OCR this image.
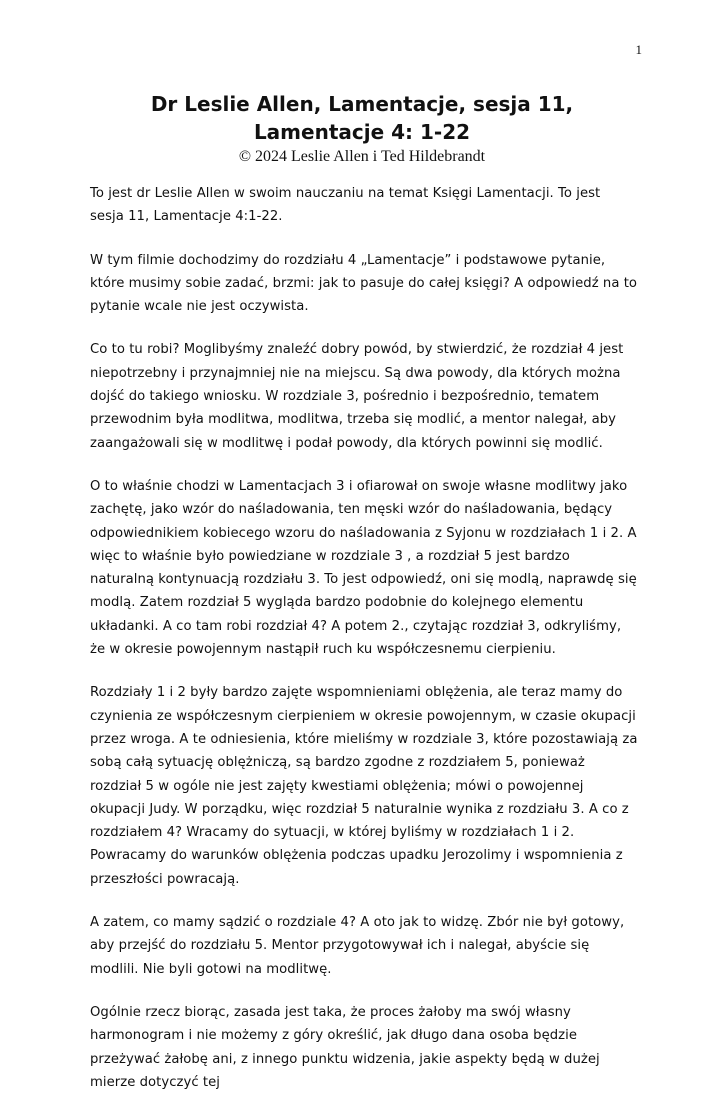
1
Dr Leslie Allen, Lamentacje, sesja 11,
Lamentacje 4: 1-22
© 2024 Leslie Allen i Ted Hildebrandt

To jest dr Leslie Allen w swoim nauczaniu na temat Księgi Lamentacji. To jest sesja 11, Lamentacje 4:1-22.

W tym filmie dochodzimy do rozdziału 4 „Lamentacje” i podstawowe pytanie, które musimy sobie zadać, brzmi: jak to pasuje do całej księgi? A odpowiedź na to pytanie wcale nie jest oczywista.

Co to tu robi? Moglibyśmy znaleźć dobry powód, by stwierdzić, że rozdział 4 jest niepotrzebny i przynajmniej nie na miejscu. Są dwa powody, dla których można dojść do takiego wniosku. W rozdziale 3, pośrednio i bezpośrednio, tematem przewodnim była modlitwa, modlitwa, trzeba się modlić, a mentor nalegał, aby zaangażowali się w modlitwę i podał powody, dla których powinni się modlić.

O to właśnie chodzi w Lamentacjach 3 i ofiarował on swoje własne modlitwy jako zachętę, jako wzór do naśladowania, ten męski wzór do naśladowania, będący odpowiednikiem kobiecego wzoru do naśladowania z Syjonu w rozdziałach 1 i 2. A więc to właśnie było powiedziane w rozdziale 3 , a rozdział 5 jest bardzo naturalną kontynuacją rozdziału 3. To jest odpowiedź, oni się modlą, naprawdę się modlą. Zatem rozdział 5 wygląda bardzo podobnie do kolejnego elementu układanki. A co tam robi rozdział 4? A potem 2., czytając rozdział 3, odkryliśmy, że w okresie powojennym nastąpił ruch ku współczesnemu cierpieniu.

Rozdziały 1 i 2 były bardzo zajęte wspomnieniami oblężenia, ale teraz mamy do czynienia ze współczesnym cierpieniem w okresie powojennym, w czasie okupacji przez wroga. A te odniesienia, które mieliśmy w rozdziale 3, które pozostawiają za sobą całą sytuację oblężniczą, są bardzo zgodne z rozdziałem 5, ponieważ rozdział 5 w ogóle nie jest zajęty kwestiami oblężenia; mówi o powojennej okupacji Judy. W porządku, więc rozdział 5 naturalnie wynika z rozdziału 3. A co z rozdziałem 4? Wracamy do sytuacji, w której byliśmy w rozdziałach 1 i 2. Powracamy do warunków oblężenia podczas upadku Jerozolimy i wspomnienia z przeszłości powracają.

A zatem, co mamy sądzić o rozdziale 4? A oto jak to widzę. Zbór nie był gotowy, aby przejść do rozdziału 5. Mentor przygotowywał ich i nalegał, abyście się modlili. Nie byli gotowi na modlitwę.

Ogólnie rzecz biorąc, zasada jest taka, że proces żałoby ma swój własny harmonogram i nie możemy z góry określić, jak długo dana osoba będzie przeżywać żałobę ani, z innego punktu widzenia, jakie aspekty będą w dużej mierze dotyczyć tej
